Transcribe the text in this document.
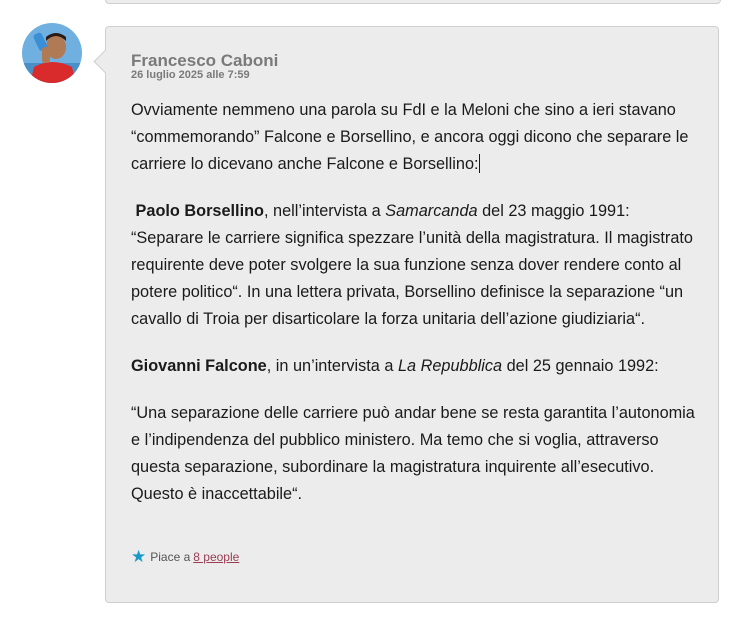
Francesco Caboni
26 luglio 2025 alle 7:59

Ovviamente nemmeno una parola su FdI e la Meloni che sino a ieri stavano “commemorando” Falcone e Borsellino, e ancora oggi dicono che separare le carriere lo dicevano anche Falcone e Borsellino:

Paolo Borsellino, nell’intervista a Samarcanda del 23 maggio 1991: “Separare le carriere significa spezzare l’unità della magistratura. Il magistrato requirente deve poter svolgere la sua funzione senza dover rendere conto al potere politico“. In una lettera privata, Borsellino definisce la separazione “un cavallo di Troia per disarticolare la forza unitaria dell’azione giudiziaria“.

Giovanni Falcone, in un’intervista a La Repubblica del 25 gennaio 1992:

“Una separazione delle carriere può andar bene se resta garantita l’autonomia e l’indipendenza del pubblico ministero. Ma temo che si voglia, attraverso questa separazione, subordinare la magistratura inquirente all’esecutivo. Questo è inaccettabile“.

★ Piace a 8 people
